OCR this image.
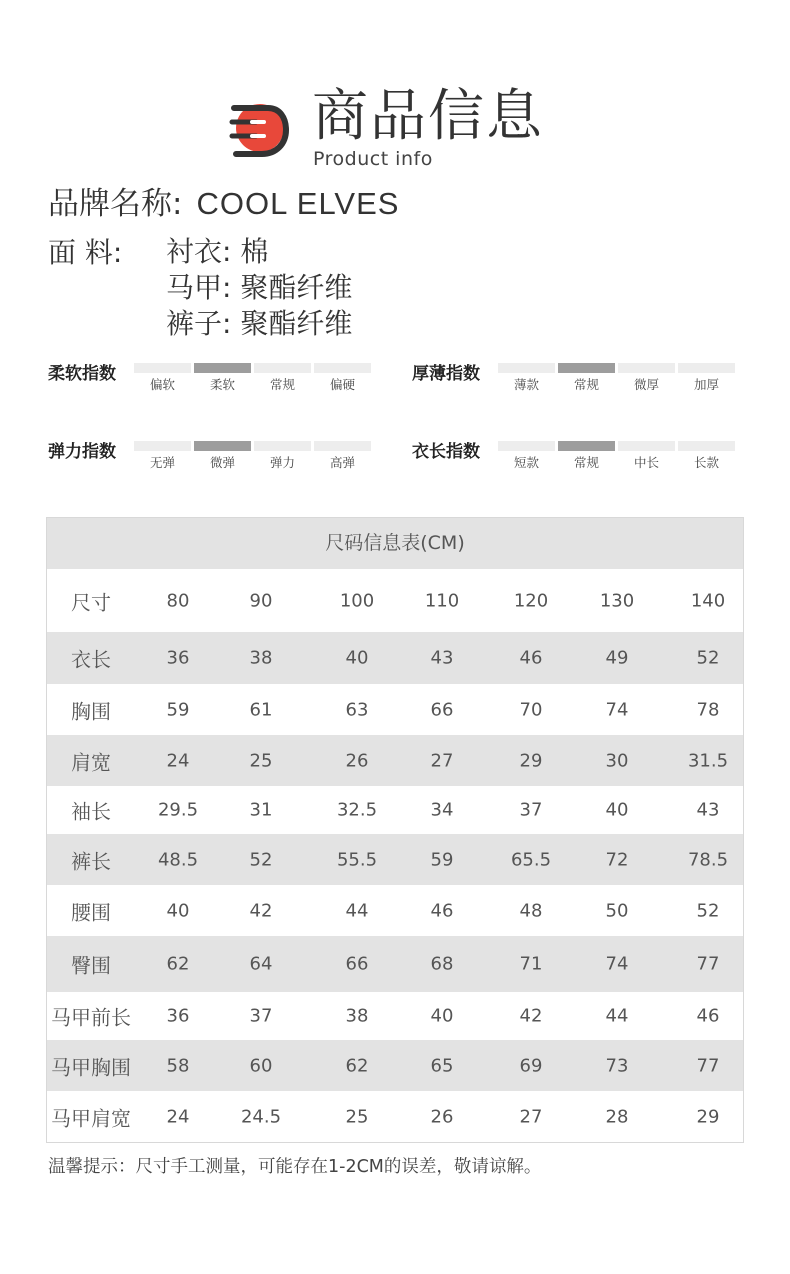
商品信息
Product info
品牌名称: COOL ELVES
面 料: 衬衣: 棉
马甲: 聚酯纤维
裤子: 聚酯纤维
柔软指数
偏软	柔软	常规	偏硬
厚薄指数
薄款	常规	微厚	加厚
弹力指数
无弹	微弹	弹力	高弹
衣长指数
短款	常规	中长	长款
尺码信息表(CM)
尺寸	80	90	100	110	120	130	140
衣长	36	38	40	43	46	49	52
胸围	59	61	63	66	70	74	78
肩宽	24	25	26	27	29	30	31.5
袖长	29.5	31	32.5	34	37	40	43
裤长	48.5	52	55.5	59	65.5	72	78.5
腰围	40	42	44	46	48	50	52
臀围	62	64	66	68	71	74	77
马甲前长 36	37	38	40	42	44	46
马甲胸围 58	60	62	65	69	73	77
马甲肩宽 24	24.5	25	26	27	28	29
温馨提示：尺寸手工测量，可能存在1-2CM的误差，敬请谅解。
